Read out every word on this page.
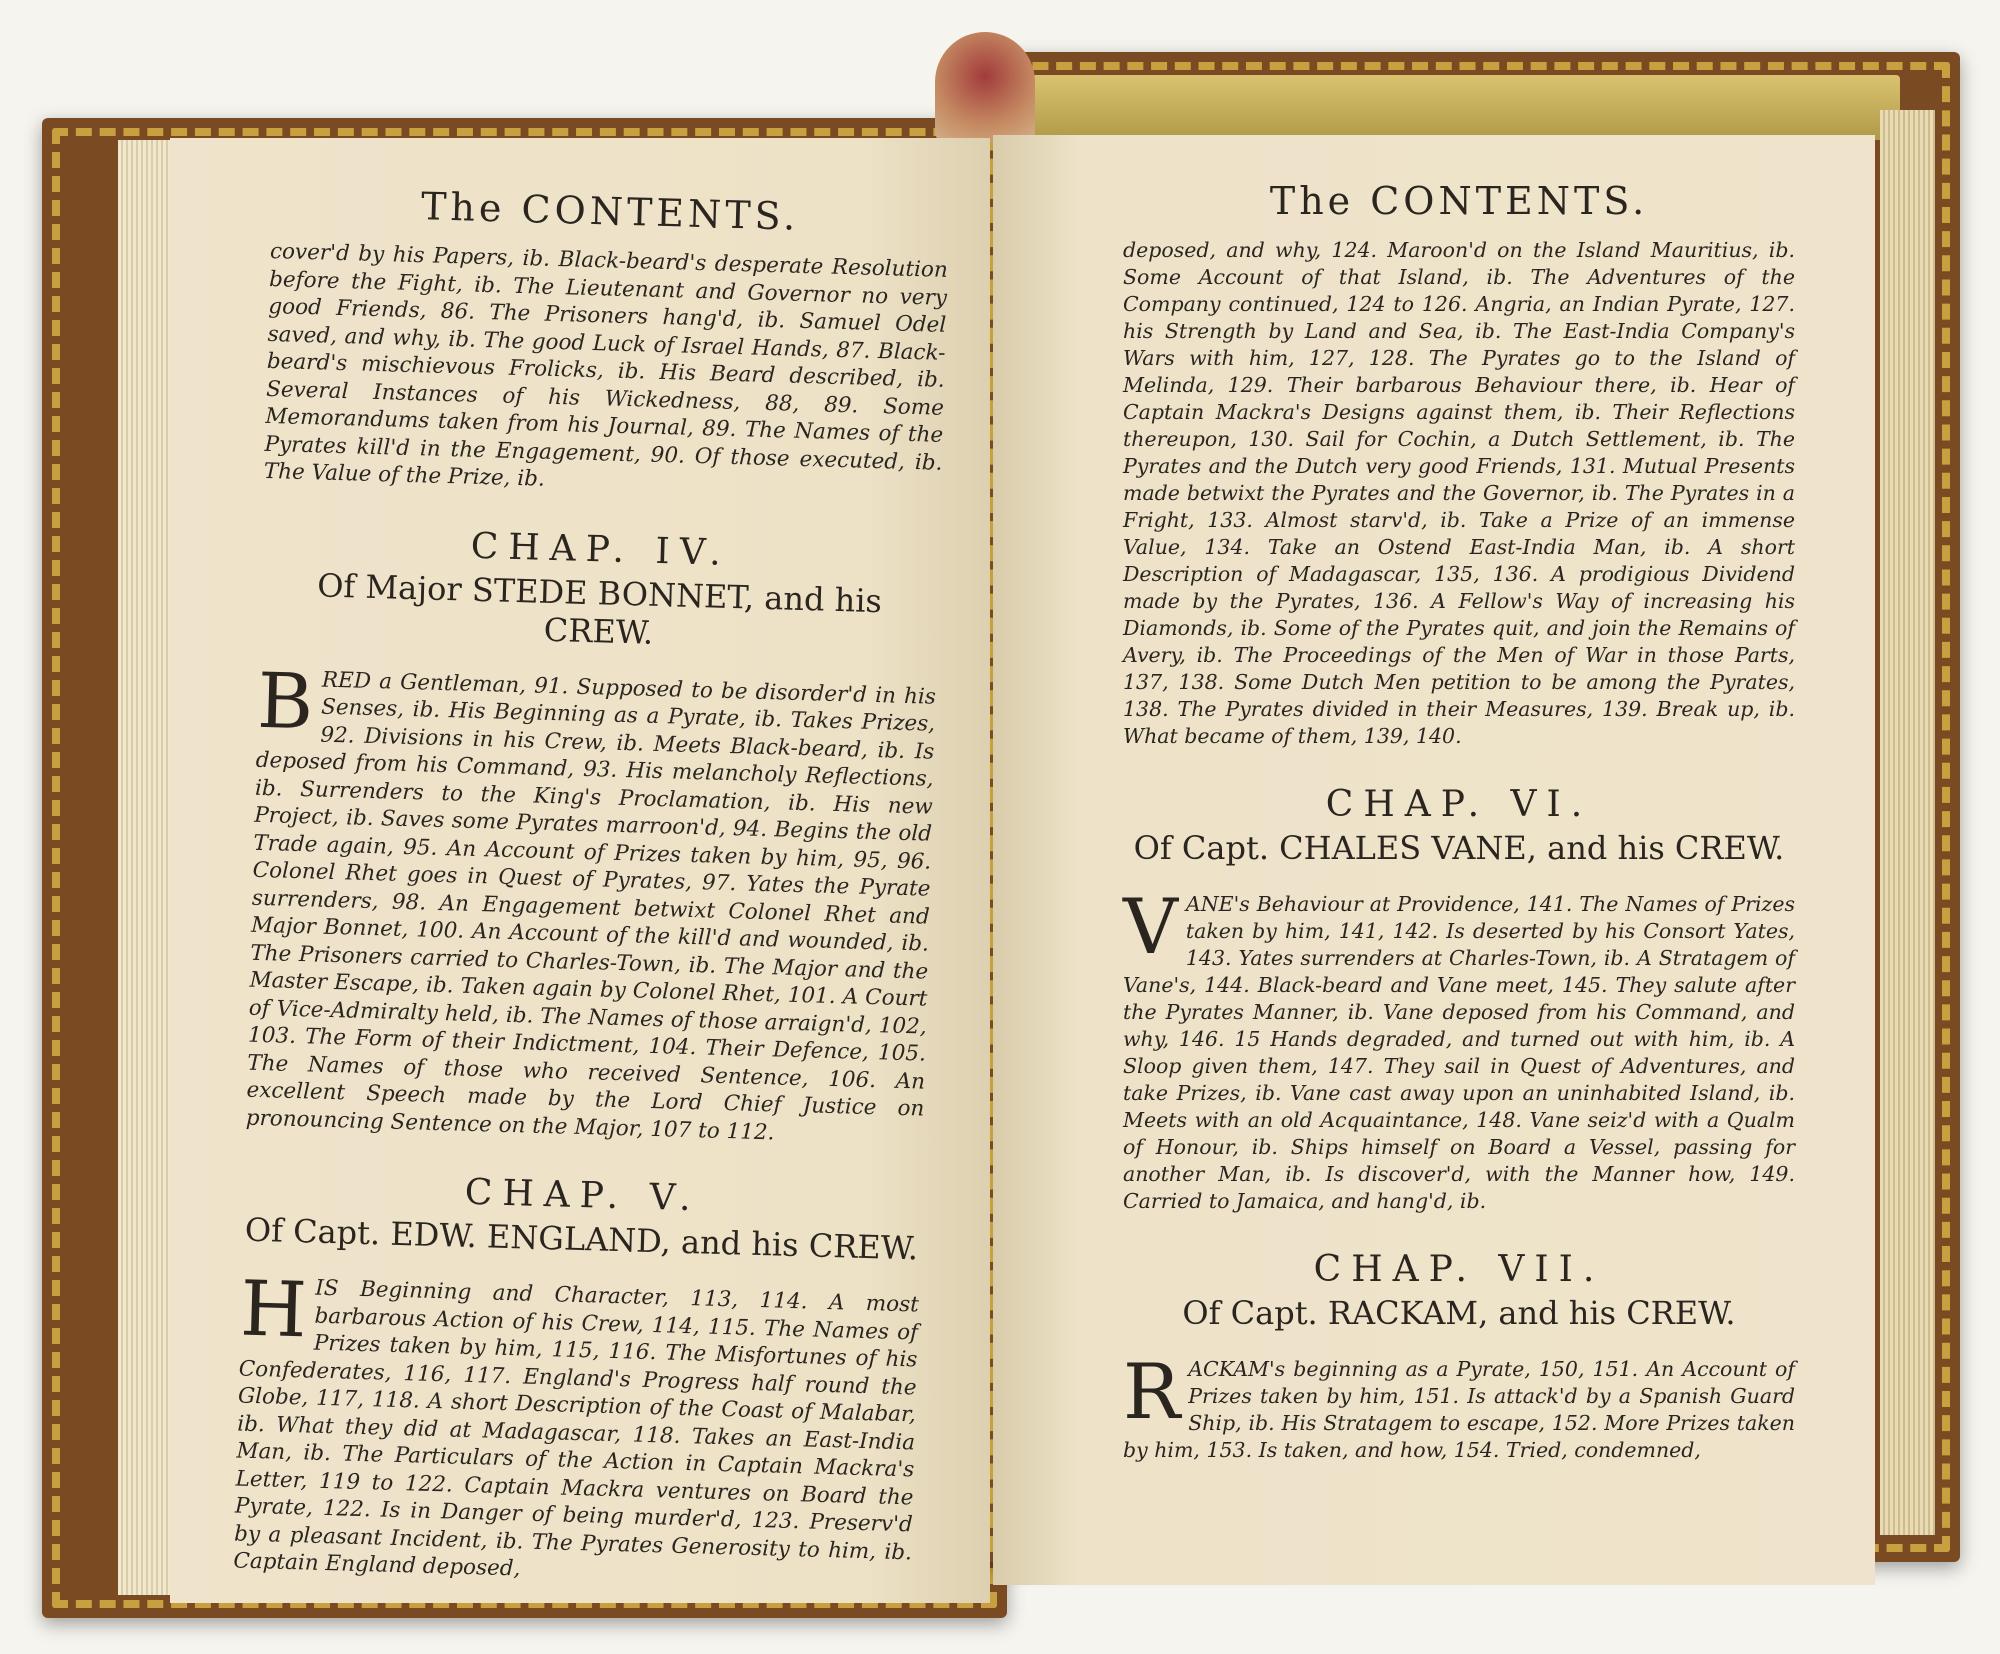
The CONTENTS.
cover'd by his Papers, ib. Black-beard's desperate Resolution before the Fight, ib. The Lieutenant and Governor no very good Friends, 86. The Prisoners hang'd, ib. Samuel Odel saved, and why, ib. The good Luck of Israel Hands, 87. Black-beard's mischievous Frolicks, ib. His Beard described, ib. Several Instances of his Wickedness, 88, 89. Some Memorandums taken from his Journal, 89. The Names of the Pyrates kill'd in the Engagement, 90. Of those executed, ib. The Value of the Prize, ib.
CHAP. IV.
Of Major STEDE BONNET, and his CREW.
B RED a Gentleman, 91. Supposed to be disorder'd in his Senses, ib. His Beginning as a Pyrate, ib. Takes Prizes, 92. Divisions in his Crew, ib. Meets Black-beard, ib. Is deposed from his Command, 93. His melancholy Reflections, ib. Surrenders to the King's Proclamation, ib. His new Project, ib. Saves some Pyrates marroon'd, 94. Begins the old Trade again, 95. An Account of Prizes taken by him, 95, 96. Colonel Rhet goes in Quest of Pyrates, 97. Yates the Pyrate surrenders, 98. An Engagement betwixt Colonel Rhet and Major Bonnet, 100. An Account of the kill'd and wounded, ib. The Prisoners carried to Charles-Town, ib. The Major and the Master Escape, ib. Taken again by Colonel Rhet, 101. A Court of Vice-Admiralty held, ib. The Names of those arraign'd, 102, 103. The Form of their Indictment, 104. Their Defence, 105. The Names of those who received Sentence, 106. An excellent Speech made by the Lord Chief Justice on pronouncing Sentence on the Major, 107 to 112.
CHAP. V.
Of Capt. EDW. ENGLAND, and his CREW.
H IS Beginning and Character, 113, 114. A most barbarous Action of his Crew, 114, 115. The Names of Prizes taken by him, 115, 116. The Misfortunes of his Confederates, 116, 117. England's Progress half round the Globe, 117, 118. A short Description of the Coast of Malabar, ib. What they did at Madagascar, 118. Takes an East-India Man, ib. The Particulars of the Action in Captain Mackra's Letter, 119 to 122. Captain Mackra ventures on Board the Pyrate, 122. Is in Danger of being murder'd, 123. Preserv'd by a pleasant Incident, ib. The Pyrates Generosity to him, ib. Captain England deposed,
The CONTENTS.
deposed, and why, 124. Maroon'd on the Island Mauritius, ib. Some Account of that Island, ib. The Adventures of the Company continued, 124 to 126. Angria, an Indian Pyrate, 127. his Strength by Land and Sea, ib. The East-India Company's Wars with him, 127, 128. The Pyrates go to the Island of Melinda, 129. Their barbarous Behaviour there, ib. Hear of Captain Mackra's Designs against them, ib. Their Reflections thereupon, 130. Sail for Cochin, a Dutch Settlement, ib. The Pyrates and the Dutch very good Friends, 131. Mutual Presents made betwixt the Pyrates and the Governor, ib. The Pyrates in a Fright, 133. Almost starv'd, ib. Take a Prize of an immense Value, 134. Take an Ostend East-India Man, ib. A short Description of Madagascar, 135, 136. A prodigious Dividend made by the Pyrates, 136. A Fellow's Way of increasing his Diamonds, ib. Some of the Pyrates quit, and join the Remains of Avery, ib. The Proceedings of the Men of War in those Parts, 137, 138. Some Dutch Men petition to be among the Pyrates, 138. The Pyrates divided in their Measures, 139. Break up, ib. What became of them, 139, 140.
CHAP. VI.
Of Capt. CHALES VANE, and his CREW.
V ANE's Behaviour at Providence, 141. The Names of Prizes taken by him, 141, 142. Is deserted by his Consort Yates, 143. Yates surrenders at Charles-Town, ib. A Stratagem of Vane's, 144. Black-beard and Vane meet, 145. They salute after the Pyrates Manner, ib. Vane deposed from his Command, and why, 146. 15 Hands degraded, and turned out with him, ib. A Sloop given them, 147. They sail in Quest of Adventures, and take Prizes, ib. Vane cast away upon an uninhabited Island, ib. Meets with an old Acquaintance, 148. Vane seiz'd with a Qualm of Honour, ib. Ships himself on Board a Vessel, passing for another Man, ib. Is discover'd, with the Manner how, 149. Carried to Jamaica, and hang'd, ib.
CHAP. VII.
Of Capt. RACKAM, and his CREW.
R ACKAM's beginning as a Pyrate, 150, 151. An Account of Prizes taken by him, 151. Is attack'd by a Spanish Guard Ship, ib. His Stratagem to escape, 152. More Prizes taken by him, 153. Is taken, and how, 154. Tried, condemned,
